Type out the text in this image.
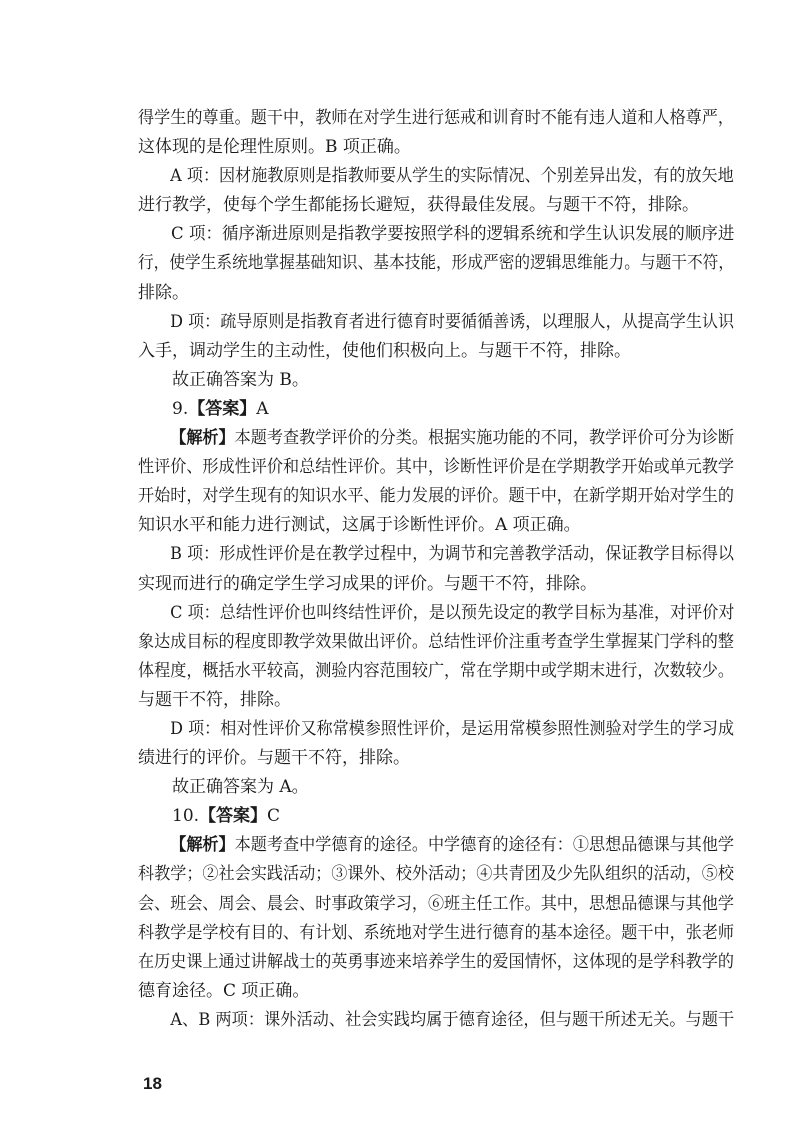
得学生的尊重。题干中，教师在对学生进行惩戒和训育时不能有违人道和人格尊严，
这体现的是伦理性原则。B 项正确。
A 项：因材施教原则是指教师要从学生的实际情况、个别差异出发，有的放矢地
进行教学，使每个学生都能扬长避短，获得最佳发展。与题干不符，排除。
C 项：循序渐进原则是指教学要按照学科的逻辑系统和学生认识发展的顺序进
行，使学生系统地掌握基础知识、基本技能，形成严密的逻辑思维能力。与题干不符，
排除。
D 项：疏导原则是指教育者进行德育时要循循善诱，以理服人，从提高学生认识
入手，调动学生的主动性，使他们积极向上。与题干不符，排除。
故正确答案为 B。
9.【答案】A
【解析】本题考查教学评价的分类。根据实施功能的不同，教学评价可分为诊断
性评价、形成性评价和总结性评价。其中，诊断性评价是在学期教学开始或单元教学
开始时，对学生现有的知识水平、能力发展的评价。题干中，在新学期开始对学生的
知识水平和能力进行测试，这属于诊断性评价。A 项正确。
B 项：形成性评价是在教学过程中，为调节和完善教学活动，保证教学目标得以
实现而进行的确定学生学习成果的评价。与题干不符，排除。
C 项：总结性评价也叫终结性评价，是以预先设定的教学目标为基准，对评价对
象达成目标的程度即教学效果做出评价。总结性评价注重考查学生掌握某门学科的整
体程度，概括水平较高，测验内容范围较广，常在学期中或学期末进行，次数较少。
与题干不符，排除。
D 项：相对性评价又称常模参照性评价，是运用常模参照性测验对学生的学习成
绩进行的评价。与题干不符，排除。
故正确答案为 A。
10.【答案】C
【解析】本题考查中学德育的途径。中学德育的途径有：①思想品德课与其他学
科教学；②社会实践活动；③课外、校外活动；④共青团及少先队组织的活动，⑤校
会、班会、周会、晨会、时事政策学习，⑥班主任工作。其中，思想品德课与其他学
科教学是学校有目的、有计划、系统地对学生进行德育的基本途径。题干中，张老师
在历史课上通过讲解战士的英勇事迹来培养学生的爱国情怀，这体现的是学科教学的
德育途径。C 项正确。
A、B 两项：课外活动、社会实践均属于德育途径，但与题干所述无关。与题干
18
